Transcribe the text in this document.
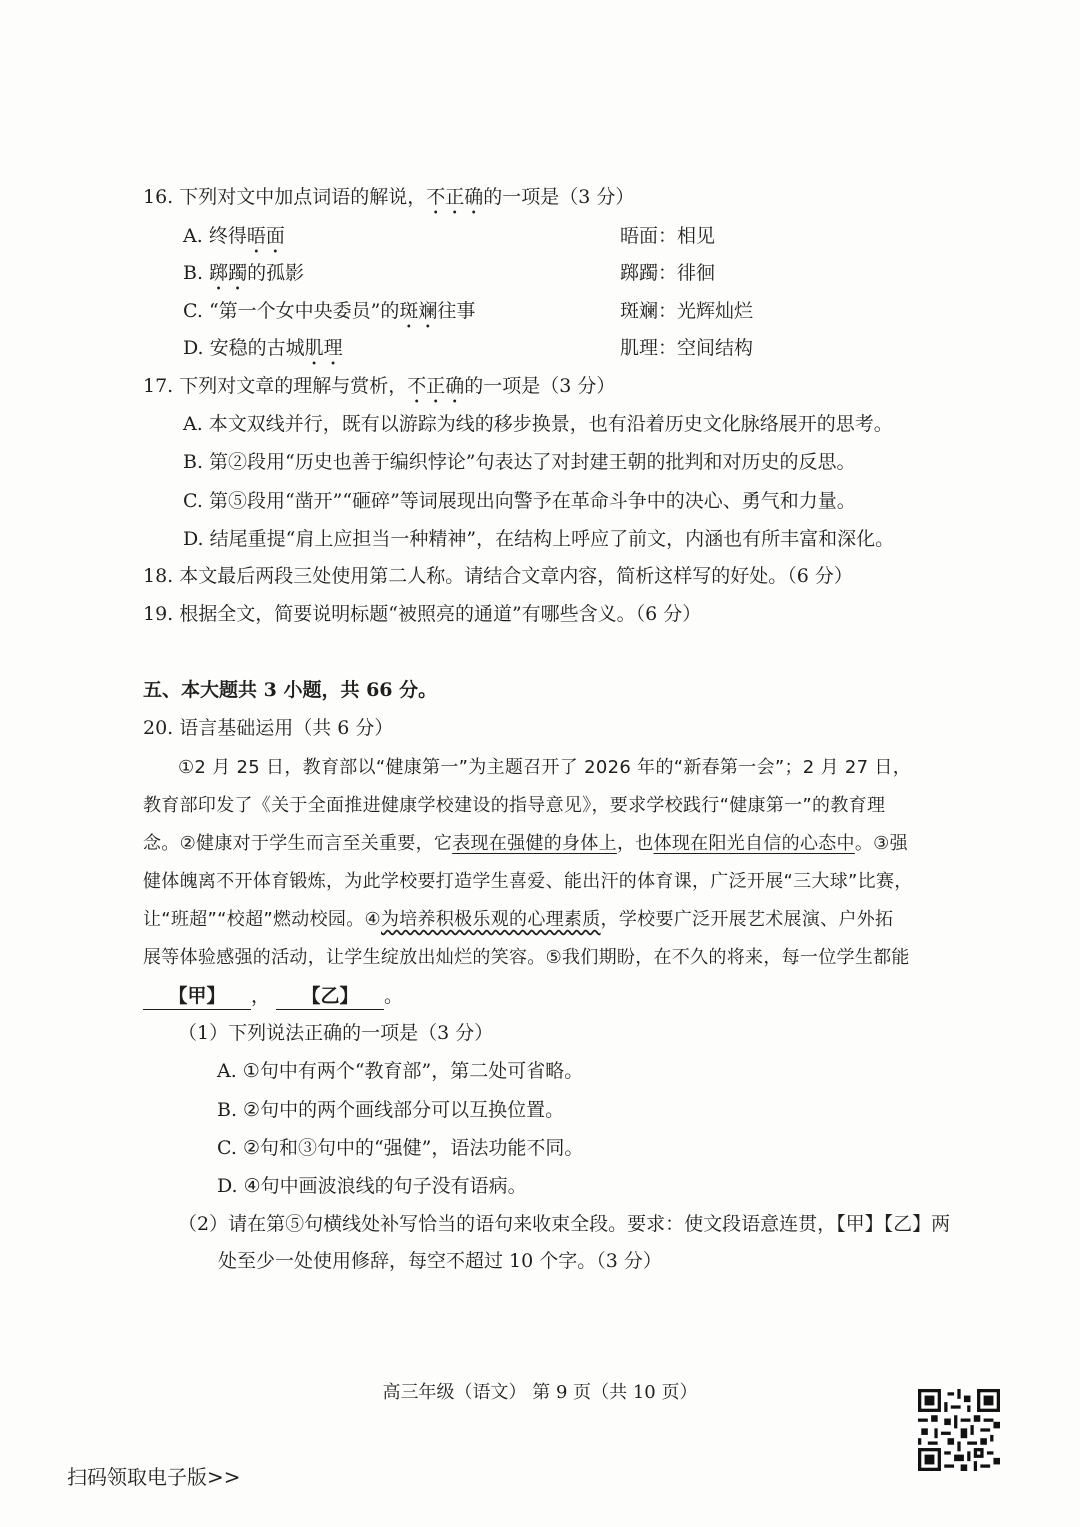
16. 下列对文中加点词语的解说，不正确的一项是（3 分）
A. 终得晤面	晤面：相见
B. 踯躅的孤影	踯躅：徘徊
C. “第一个女中央委员”的斑斓往事	斑斓：光辉灿烂
D. 安稳的古城肌理	肌理：空间结构
17. 下列对文章的理解与赏析，不正确的一项是（3 分）
A. 本文双线并行，既有以游踪为线的移步换景，也有沿着历史文化脉络展开的思考。
B. 第②段用“历史也善于编织悖论”句表达了对封建王朝的批判和对历史的反思。
C. 第⑤段用“凿开”“砸碎”等词展现出向警予在革命斗争中的决心、勇气和力量。
D. 结尾重提“肩上应担当一种精神”，在结构上呼应了前文，内涵也有所丰富和深化。
18. 本文最后两段三处使用第二人称。请结合文章内容，简析这样写的好处。（6 分）
19. 根据全文，简要说明标题“被照亮的通道”有哪些含义。（6 分）
五、本大题共 3 小题，共 66 分。
20. 语言基础运用（共 6 分）
①2 月 25 日，教育部以“健康第一”为主题召开了 2026 年的“新春第一会”；2 月 27 日，
教育部印发了《关于全面推进健康学校建设的指导意见》，要求学校践行“健康第一”的教育理
念。②健康对于学生而言至关重要，它表现在强健的身体上，也体现在阳光自信的心态中。③强
健体魄离不开体育锻炼，为此学校要打造学生喜爱、能出汗的体育课，广泛开展“三大球”比赛，
让“班超”“校超”燃动校园。④为培养积极乐观的心理素质，学校要广泛开展艺术展演、户外拓
展等体验感强的活动，让学生绽放出灿烂的笑容。⑤我们期盼，在不久的将来，每一位学生都能
【甲】 ， 【乙】 。
（1）下列说法正确的一项是（3 分）
A. ①句中有两个“教育部”，第二处可省略。
B. ②句中的两个画线部分可以互换位置。
C. ②句和③句中的“强健”，语法功能不同。
D. ④句中画波浪线的句子没有语病。
（2）请在第⑤句横线处补写恰当的语句来收束全段。要求：使文段语意连贯，【甲】【乙】两
处至少一处使用修辞，每空不超过 10 个字。（3 分）
高三年级（语文） 第 9 页（共 10 页）
扫码领取电子版>>
